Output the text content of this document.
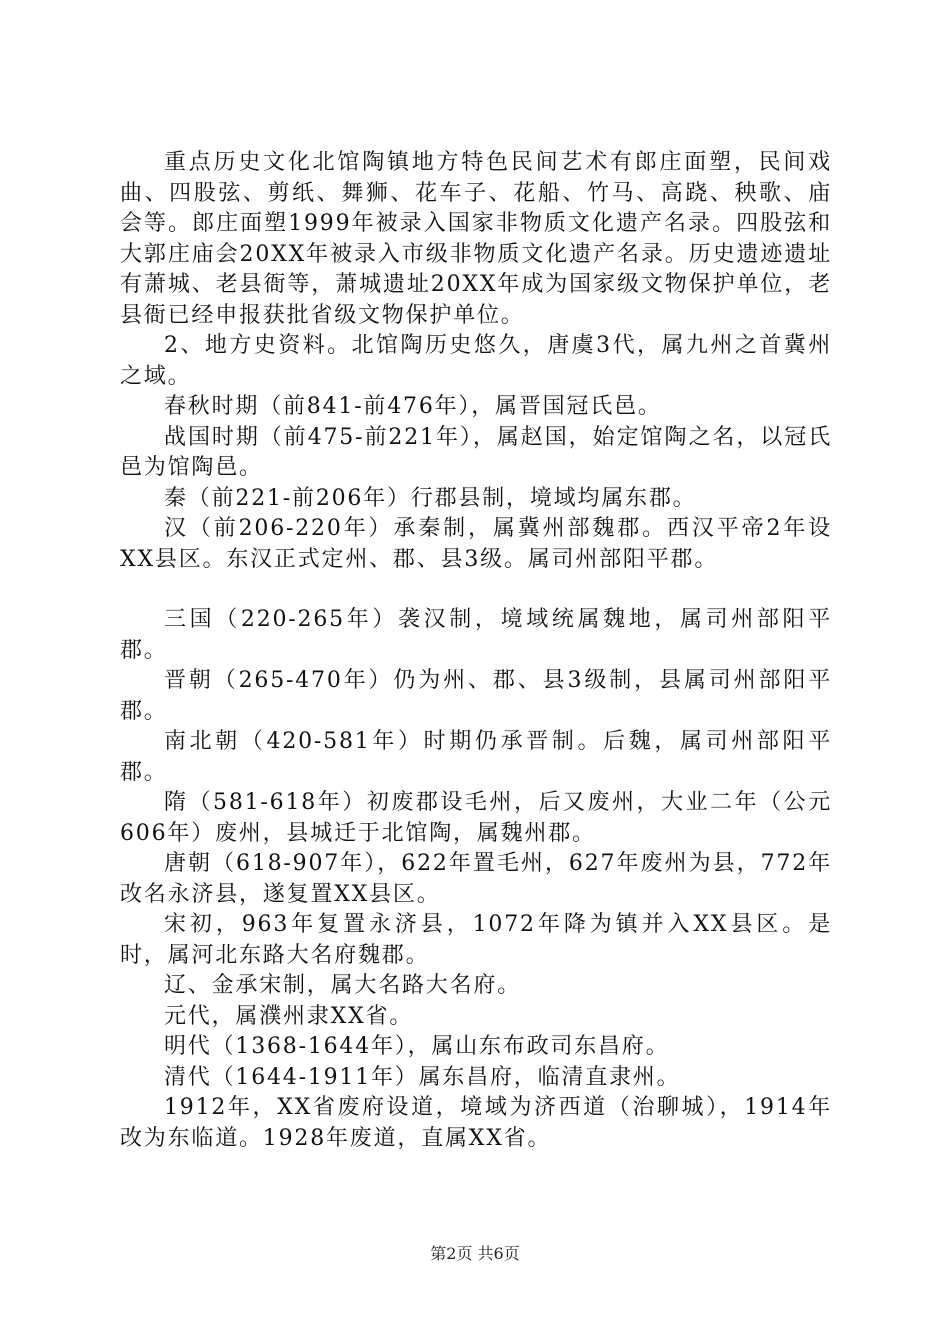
重点历史文化北馆陶镇地方特色民间艺术有郎庄面塑，民间戏曲、四股弦、剪纸、舞狮、花车子、花船、竹马、高跷、秧歌、庙会等。郎庄面塑1999年被录入国家非物质文化遗产名录。四股弦和大郭庄庙会20XX年被录入市级非物质文化遗产名录。历史遗迹遗址有萧城、老县衙等，萧城遗址20XX年成为国家级文物保护单位，老县衙已经申报获批省级文物保护单位。

2、地方史资料。北馆陶历史悠久，唐虞3代，属九州之首冀州之域。

春秋时期（前841-前476年），属晋国冠氏邑。

战国时期（前475-前221年），属赵国，始定馆陶之名，以冠氏邑为馆陶邑。

秦（前221-前206年）行郡县制，境域均属东郡。

汉（前206-220年）承秦制，属冀州部魏郡。西汉平帝2年设XX县区。东汉正式定州、郡、县3级。属司州部阳平郡。

三国（220-265年）袭汉制，境域统属魏地，属司州部阳平郡。

晋朝（265-470年）仍为州、郡、县3级制，县属司州部阳平郡。

南北朝（420-581年）时期仍承晋制。后魏，属司州部阳平郡。

隋（581-618年）初废郡设毛州，后又废州，大业二年（公元606年）废州，县城迁于北馆陶，属魏州郡。

唐朝（618-907年），622年置毛州，627年废州为县，772年改名永济县，遂复置XX县区。

宋初，963年复置永济县，1072年降为镇并入XX县区。是时，属河北东路大名府魏郡。

辽、金承宋制，属大名路大名府。

元代，属濮州隶XX省。

明代（1368-1644年），属山东布政司东昌府。

清代（1644-1911年）属东昌府，临清直隶州。

1912年，XX省废府设道，境域为济西道（治聊城），1914年改为东临道。1928年废道，直属XX省。

第2页 共6页
